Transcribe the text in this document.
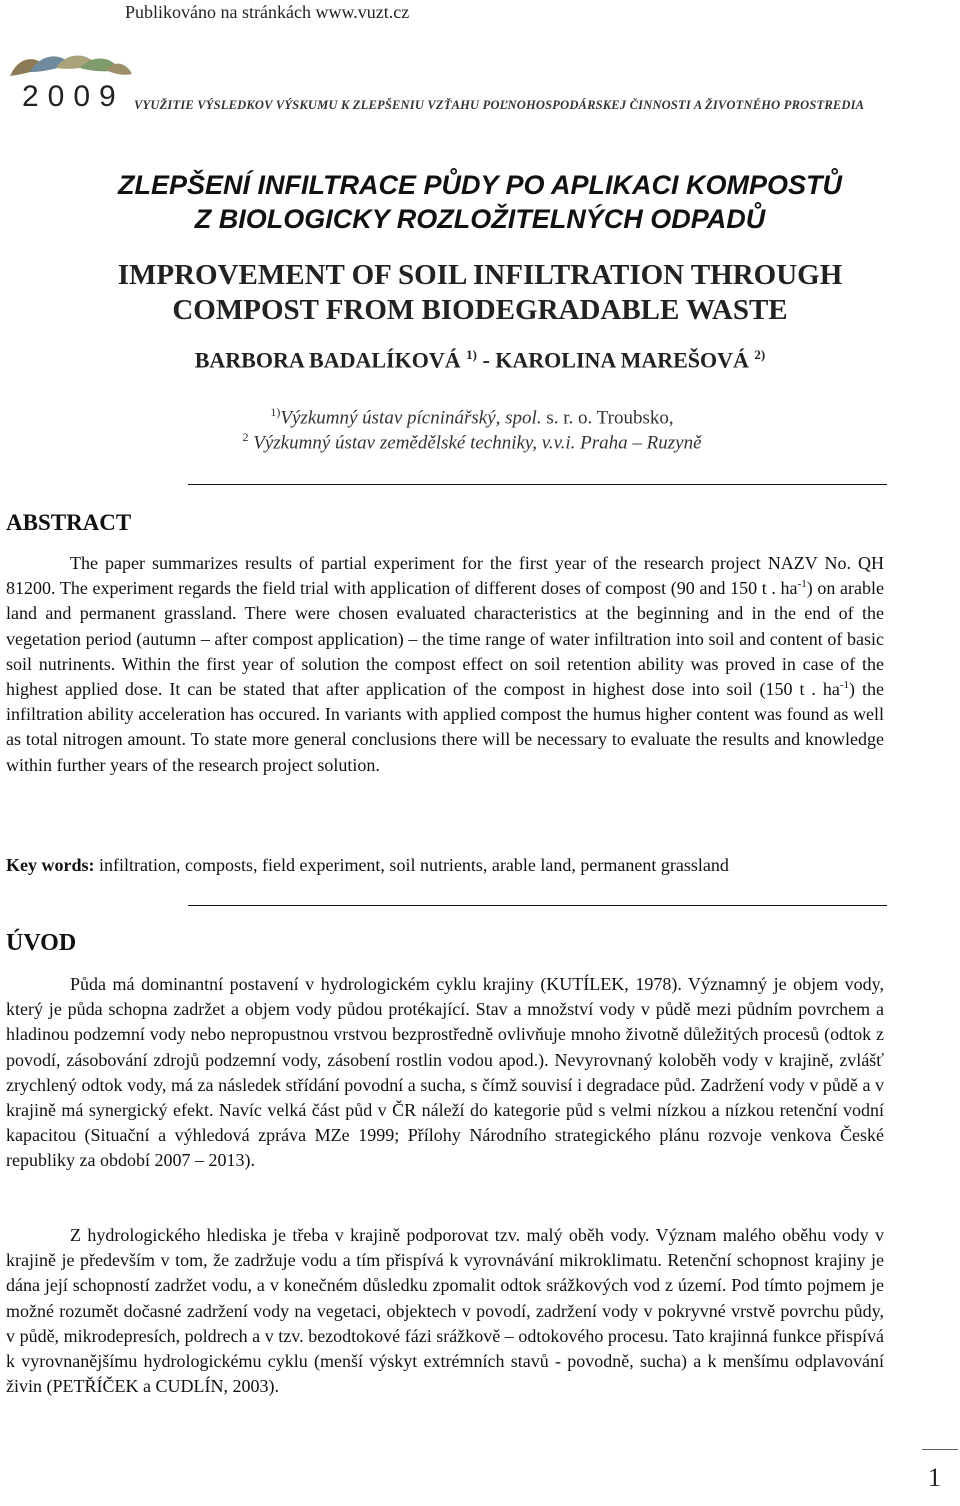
Publikováno na stránkách www.vuzt.cz
2009 VYUŽITIE VÝSLEDKOV VÝSKUMU K ZLEPŠENIU VZŤAHU POĽNOHOSPODÁRSKEJ ČINNOSTI A ŽIVOTNÉHO PROSTREDIA
ZLEPŠENÍ INFILTRACE PŮDY PO APLIKACI KOMPOSTŮ
Z BIOLOGICKY ROZLOŽITELNÝCH ODPADŮ
IMPROVEMENT OF SOIL INFILTRATION THROUGH
COMPOST FROM BIODEGRADABLE WASTE
BARBORA BADALÍKOVÁ $^{1)}$ - KAROLINA MAREŠOVÁ $^{2)}$
$^{1)}$Výzkumný ústav pícninářský, spol. s. r. o. Troubsko,
$^2$ Výzkumný ústav zemědělské techniky, v.v.i. Praha – Ruzyně
ABSTRACT
The paper summarizes results of partial experiment for the first year of the research project NAZV No. QH 81200. The experiment regards the field trial with application of different doses of compost (90 and 150 t . $ha^{-1}$) on arable land and permanent grassland. There were chosen evaluated characteristics at the beginning and in the end of the vegetation period (autumn – after compost application) – the time range of water infiltration into soil and content of basic soil nutrinents. Within the first year of solution the compost effect on soil retention ability was proved in case of the highest applied dose. It can be stated that after application of the compost in highest dose into soil (150 t . $ha^{-1}$) the infiltration ability acceleration has occured. In variants with applied compost the humus higher content was found as well as total nitrogen amount. To state more general conclusions there will be necessary to evaluate the results and knowledge within further years of the research project solution.
Key words: infiltration, composts, field experiment, soil nutrients, arable land, permanent grassland
ÚVOD
Půda má dominantní postavení v hydrologickém cyklu krajiny (KUTÍLEK, 1978). Významný je objem vody, který je půda schopna zadržet a objem vody půdou protékající. Stav a množství vody v půdě mezi půdním povrchem a hladinou podzemní vody nebo nepropustnou vrstvou bezprostředně ovlivňuje mnoho životně důležitých procesů (odtok z povodí, zásobování zdrojů podzemní vody, zásobení rostlin vodou apod.). Nevyrovnaný koloběh vody v krajině, zvlášť zrychlený odtok vody, má za následek střídání povodní a sucha, s čímž souvisí i degradace půd. Zadržení vody v půdě a v krajině má synergický efekt. Navíc velká část půd v ČR náleží do kategorie půd s velmi nízkou a nízkou retenční vodní kapacitou (Situační a výhledová zpráva MZe 1999; Přílohy Národního strategického plánu rozvoje venkova České republiky za období 2007 – 2013).
Z hydrologického hlediska je třeba v krajině podporovat tzv. malý oběh vody. Význam malého oběhu vody v krajině je především v tom, že zadržuje vodu a tím přispívá k vyrovnávání mikroklimatu. Retenční schopnost krajiny je dána její schopností zadržet vodu, a v konečném důsledku zpomalit odtok srážkových vod z území. Pod tímto pojmem je možné rozumět dočasné zadržení vody na vegetaci, objektech v povodí, zadržení vody v pokryvné vrstvě povrchu půdy, v půdě, mikrodepresích, poldrech a v tzv. bezodtokové fázi srážkově – odtokového procesu. Tato krajinná funkce přispívá k vyrovnanějšímu hydrologickému cyklu (menší výskyt extrémních stavů - povodně, sucha) a k menšímu odplavování živin (PETŘÍČEK a CUDLÍN, 2003).
1
